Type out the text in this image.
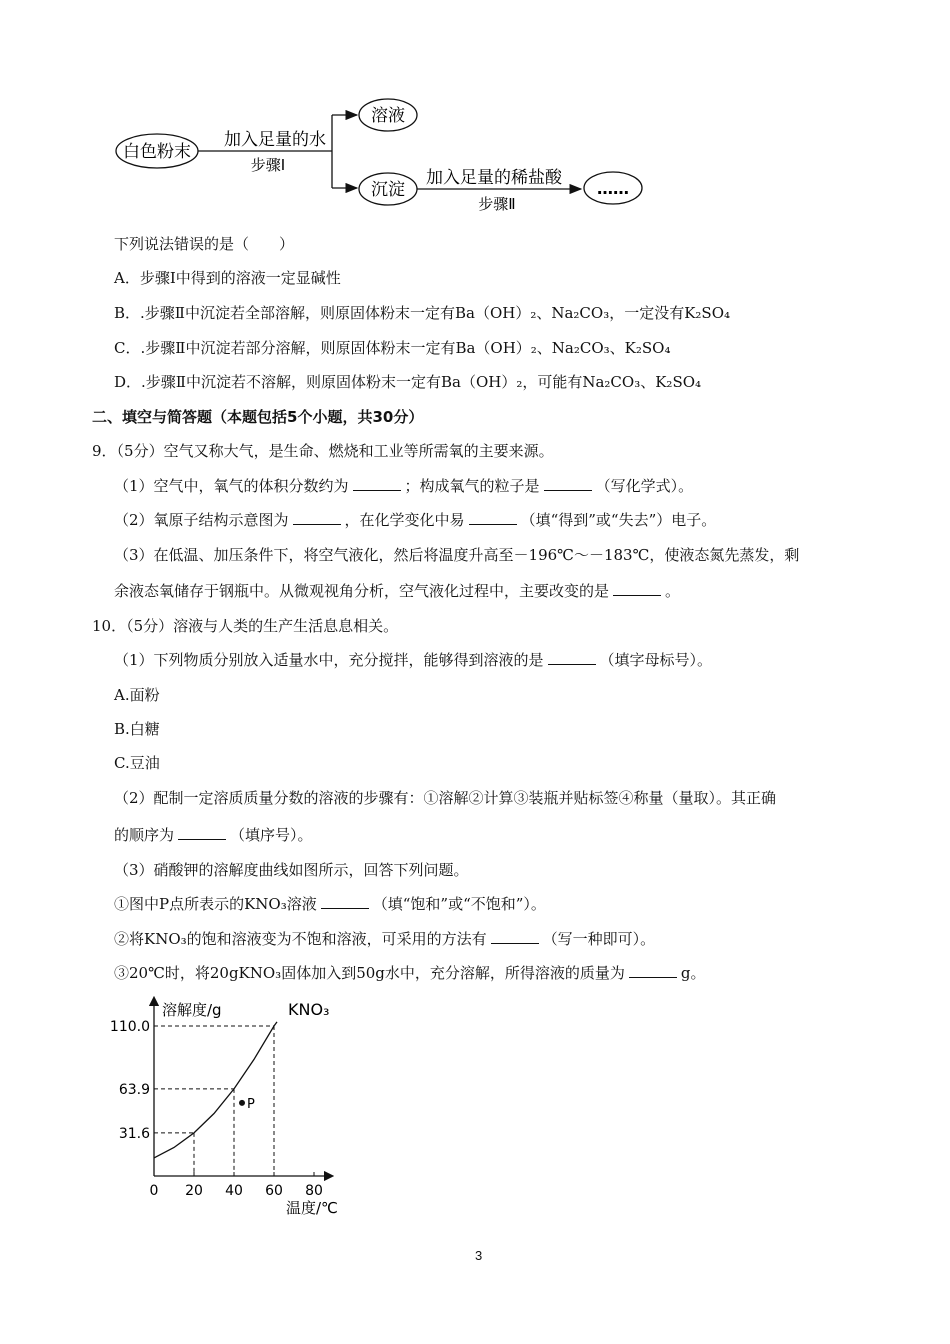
白色粉末
加入足量的水
步骤Ⅰ
溶液
沉淀
加入足量的稀盐酸
步骤Ⅱ
……
下列说法错误的是（　　）
A．步骤Ⅰ中得到的溶液一定显碱性
B．.步骤Ⅱ中沉淀若全部溶解，则原固体粉末一定有Ba（OH）₂、Na₂CO₃，一定没有K₂SO₄
C．.步骤Ⅱ中沉淀若部分溶解，则原固体粉末一定有Ba（OH）₂、Na₂CO₃、K₂SO₄
D．.步骤Ⅱ中沉淀若不溶解，则原固体粉末一定有Ba（OH）₂，可能有Na₂CO₃、K₂SO₄
二、填空与简答题（本题包括5个小题，共30分）
9．（5分）空气又称大气，是生命、燃烧和工业等所需氧的主要来源。
（1）空气中，氧气的体积分数约为	；构成氧气的粒子是	（写化学式）。
（2）氧原子结构示意图为	，在化学变化中易	（填“得到”或“失去”）电子。
（3）在低温、加压条件下，将空气液化，然后将温度升高至－196℃～－183℃，使液态氮先蒸发，剩
余液态氧储存于钢瓶中。从微观视角分析，空气液化过程中，主要改变的是	。
10．（5分）溶液与人类的生产生活息息相关。
（1）下列物质分别放入适量水中，充分搅拌，能够得到溶液的是	（填字母标号）。
A.面粉
B.白糖
C.豆油
（2）配制一定溶质质量分数的溶液的步骤有：①溶解②计算③装瓶并贴标签④称量（量取）。其正确
的顺序为	（填序号）。
（3）硝酸钾的溶解度曲线如图所示，回答下列问题。
①图中P点所表示的KNO₃溶液	（填“饱和”或“不饱和”）。
②将KNO₃的饱和溶液变为不饱和溶液，可采用的方法有	（写一种即可）。
③20℃时，将20gKNO₃固体加入到50g水中，充分溶解，所得溶液的质量为	g。
溶解度/g
温度/℃
0 20 40 60 80
31.6
63.9
110.0
KNO₃
P
3
